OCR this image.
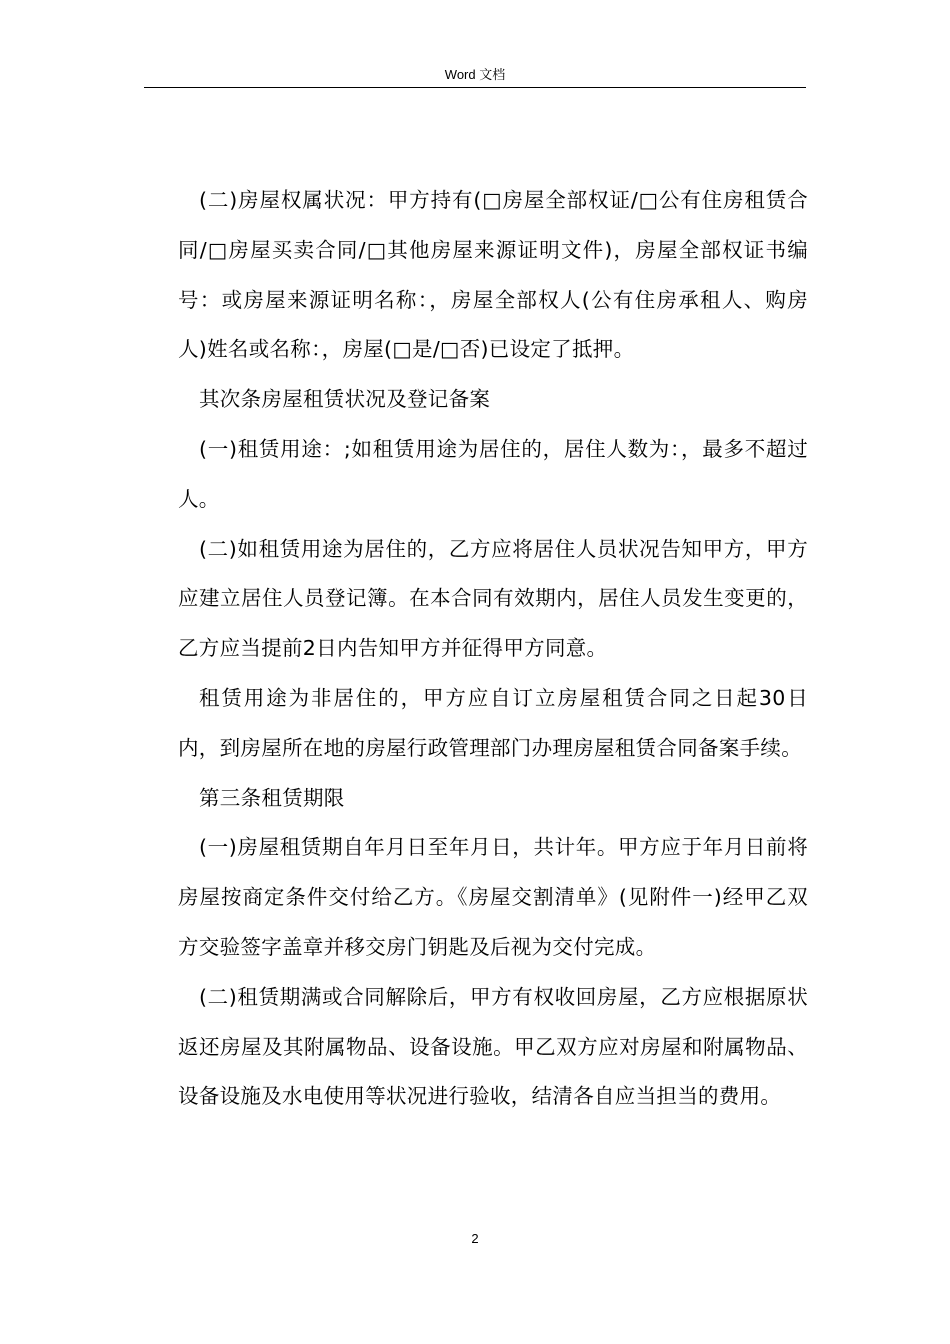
Word 文档

(二)房屋权属状况：甲方持有(□房屋全部权证/□公有住房租赁合同/□房屋买卖合同/□其他房屋来源证明文件)，房屋全部权证书编号：或房屋来源证明名称：，房屋全部权人(公有住房承租人、购房人)姓名或名称：，房屋(□是/□否)已设定了抵押。

其次条房屋租赁状况及登记备案

(一)租赁用途：;如租赁用途为居住的，居住人数为：，最多不超过人。

(二)如租赁用途为居住的，乙方应将居住人员状况告知甲方，甲方应建立居住人员登记簿。在本合同有效期内，居住人员发生变更的，乙方应当提前2日内告知甲方并征得甲方同意。

租赁用途为非居住的，甲方应自订立房屋租赁合同之日起30日内，到房屋所在地的房屋行政管理部门办理房屋租赁合同备案手续。

第三条租赁期限

(一)房屋租赁期自年月日至年月日，共计年。甲方应于年月日前将房屋按商定条件交付给乙方。《房屋交割清单》(见附件一)经甲乙双方交验签字盖章并移交房门钥匙及后视为交付完成。

(二)租赁期满或合同解除后，甲方有权收回房屋，乙方应根据原状返还房屋及其附属物品、设备设施。甲乙双方应对房屋和附属物品、设备设施及水电使用等状况进行验收，结清各自应当担当的费用。

2
